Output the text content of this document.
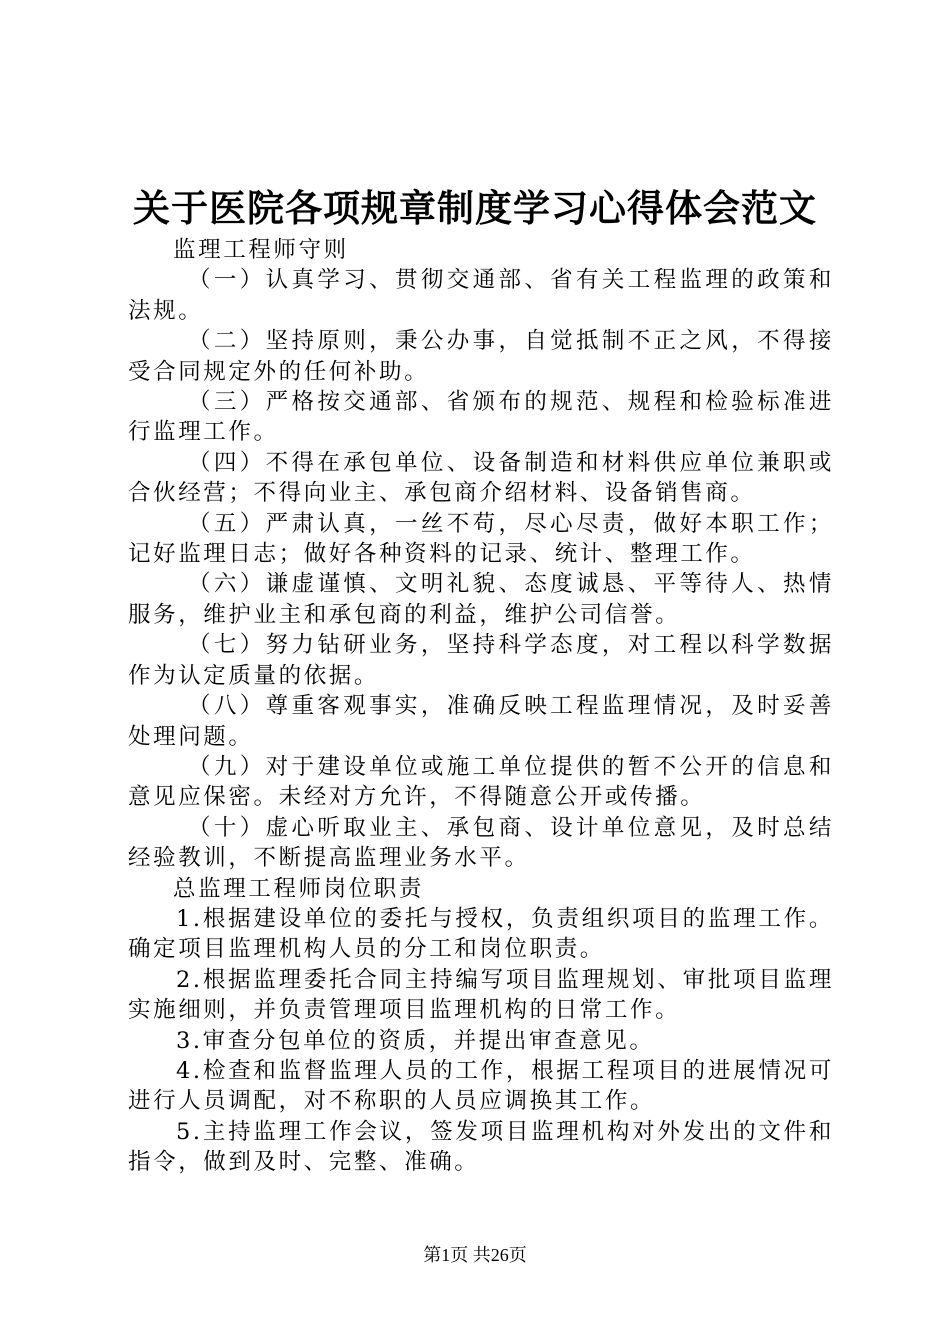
关于医院各项规章制度学习心得体会范文

监理工程师守则

（一）认真学习、贯彻交通部、省有关工程监理的政策和法规。

（二）坚持原则，秉公办事，自觉抵制不正之风，不得接受合同规定外的任何补助。

（三）严格按交通部、省颁布的规范、规程和检验标准进行监理工作。

（四）不得在承包单位、设备制造和材料供应单位兼职或合伙经营；不得向业主、承包商介绍材料、设备销售商。

（五）严肃认真，一丝不苟，尽心尽责，做好本职工作；记好监理日志；做好各种资料的记录、统计、整理工作。

（六）谦虚谨慎、文明礼貌、态度诚恳、平等待人、热情服务，维护业主和承包商的利益，维护公司信誉。

（七）努力钻研业务，坚持科学态度，对工程以科学数据作为认定质量的依据。

（八）尊重客观事实，准确反映工程监理情况，及时妥善处理问题。

（九）对于建设单位或施工单位提供的暂不公开的信息和意见应保密。未经对方允许，不得随意公开或传播。

（十）虚心听取业主、承包商、设计单位意见，及时总结经验教训，不断提高监理业务水平。

总监理工程师岗位职责

1.根据建设单位的委托与授权，负责组织项目的监理工作。确定项目监理机构人员的分工和岗位职责。

2.根据监理委托合同主持编写项目监理规划、审批项目监理实施细则，并负责管理项目监理机构的日常工作。

3.审查分包单位的资质，并提出审查意见。

4.检查和监督监理人员的工作，根据工程项目的进展情况可进行人员调配，对不称职的人员应调换其工作。

5.主持监理工作会议，签发项目监理机构对外发出的文件和指令，做到及时、完整、准确。

第1页 共26页
